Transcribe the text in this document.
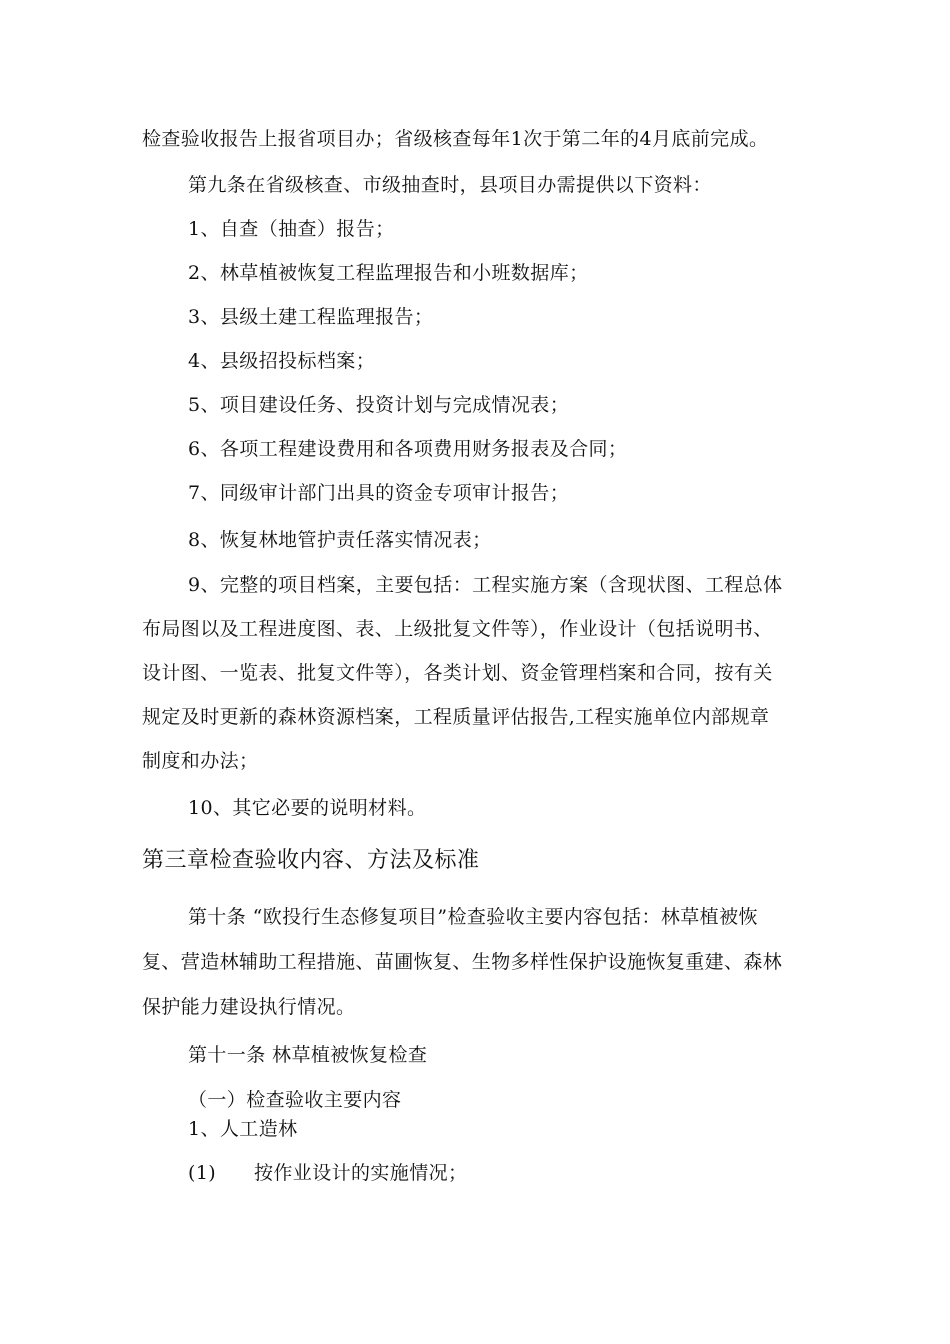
检查验收报告上报省项目办；省级核查每年1次于第二年的4月底前完成。
第九条在省级核查、市级抽查时，县项目办需提供以下资料：
1、自查（抽查）报告；
2、林草植被恢复工程监理报告和小班数据库；
3、县级土建工程监理报告；
4、县级招投标档案；
5、项目建设任务、投资计划与完成情况表；
6、各项工程建设费用和各项费用财务报表及合同；
7、同级审计部门出具的资金专项审计报告；
8、恢复林地管护责任落实情况表；
9、完整的项目档案，主要包括：工程实施方案（含现状图、工程总体
布局图以及工程进度图、表、上级批复文件等），作业设计（包括说明书、
设计图、一览表、批复文件等），各类计划、资金管理档案和合同，按有关
规定及时更新的森林资源档案，工程质量评估报告,工程实施单位内部规章
制度和办法；
10、其它必要的说明材料。
第三章检查验收内容、方法及标准
第十条 “欧投行生态修复项目”检查验收主要内容包括：林草植被恢
复、营造林辅助工程措施、苗圃恢复、生物多样性保护设施恢复重建、森林
保护能力建设执行情况。
第十一条 林草植被恢复检查
（一）检查验收主要内容
1、人工造林
(1) 按作业设计的实施情况；
